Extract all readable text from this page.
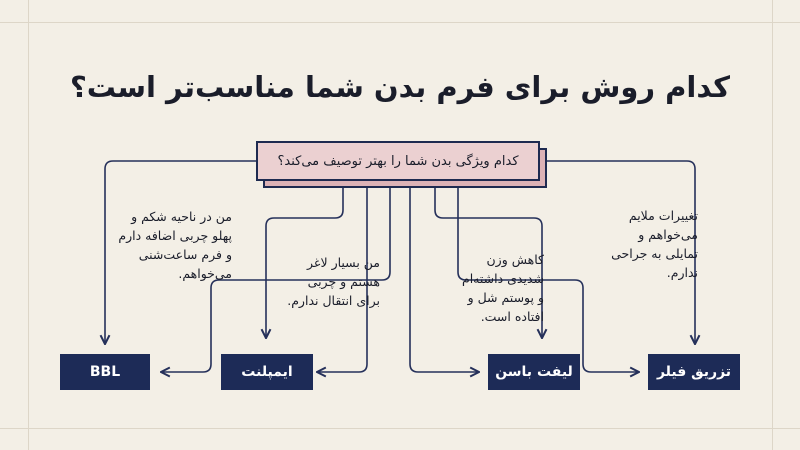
کدام روش برای فرم بدن شما مناسب‌تر است؟
کدام ویژگی بدن شما را بهتر توصیف می‌کند؟
BBL	ایمپلنت	لیفت باسن	تزریق فیلر
من در ناحیه شکم و
پهلو چربی اضافه دارم
و فرم ساعت‌شنی
می‌خواهم.
من بسیار لاغر
هستم و چربی
برای انتقال ندارم.
کاهش وزن
شدیدی داشته‌ام
و پوستم شل و
افتاده است.
تغییرات ملایم
می‌خواهم و
تمایلی به جراحی
ندارم.
